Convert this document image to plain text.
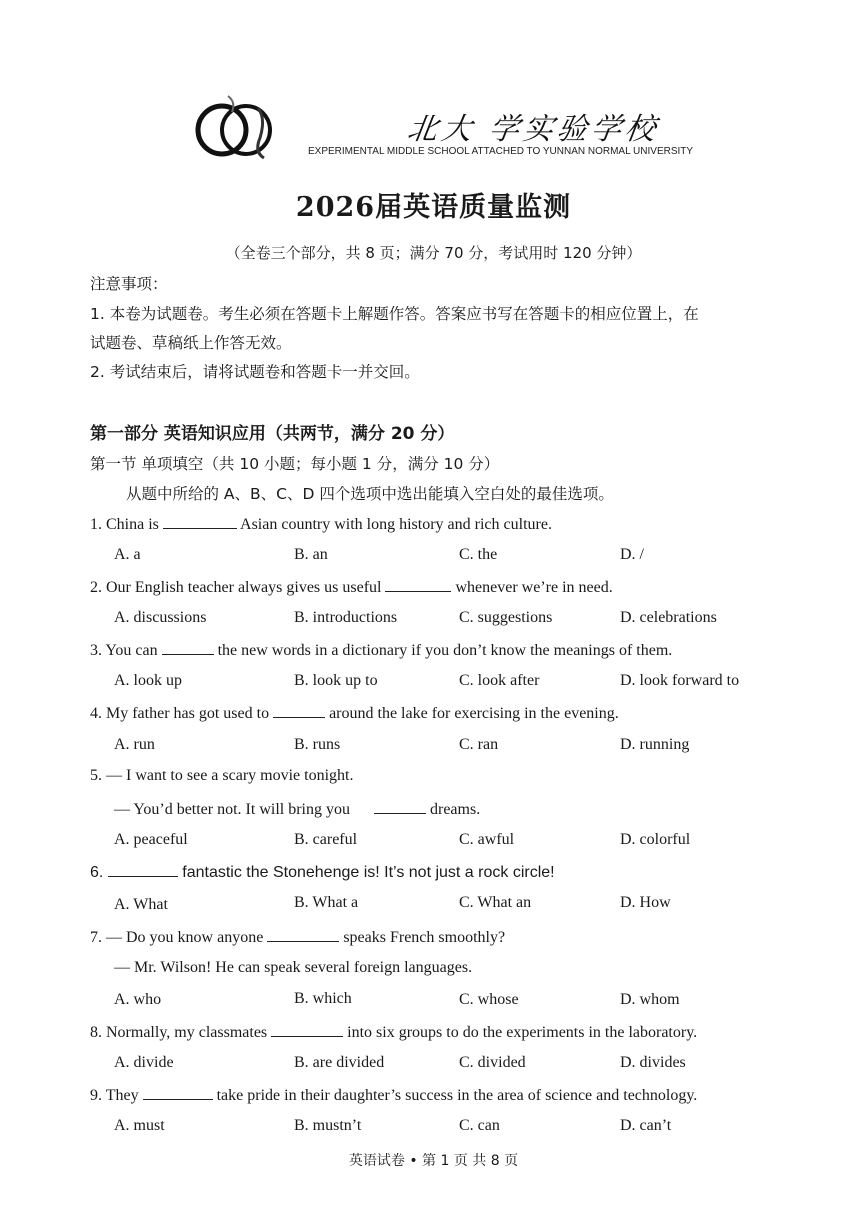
北大 学实验学校
EXPERIMENTAL MIDDLE SCHOOL ATTACHED TO YUNNAN NORMAL UNIVERSITY
2026届英语质量监测
（全卷三个部分，共 8 页；满分 70 分，考试用时 120 分钟）
注意事项：
1. 本卷为试题卷。考生必须在答题卡上解题作答。答案应书写在答题卡的相应位置上，在
试题卷、草稿纸上作答无效。
2. 考试结束后，请将试题卷和答题卡一并交回。
第一部分 英语知识应用（共两节，满分 20 分）
第一节 单项填空（共 10 小题；每小题 1 分，满分 10 分）
从题中所给的 A、B、C、D 四个选项中选出能填入空白处的最佳选项。
1. China is	Asian country with long history and rich culture.
A. a	B. an	C. the	D. /
2. Our English teacher always gives us useful	whenever we’re in need.
A. discussions	B. introductions	C. suggestions	D. celebrations
3. You can	the new words in a dictionary if you don’t know the meanings of them.
A. look up	B. look up to	C. look after	D. look forward to
4. My father has got used to	around the lake for exercising in the evening.
A. run	B. runs	C. ran	D. running
5. — I want to see a scary movie tonight.
— You’d better not. It will bring you	dreams.
A. peaceful	B. careful	C. awful	D. colorful
6.	fantastic the Stonehenge is! It’s not just a rock circle!
A. What	B. What a	C. What an	D. How
7. — Do you know anyone	speaks French smoothly?
— Mr. Wilson! He can speak several foreign languages.
A. who	B. which	C. whose	D. whom
8. Normally, my classmates	into six groups to do the experiments in the laboratory.
A. divide	B. are divided	C. divided	D. divides
9. They	take pride in their daughter’s success in the area of science and technology.
A. must	B. mustn’t	C. can	D. can’t
英语试卷 • 第 1 页 共 8 页
